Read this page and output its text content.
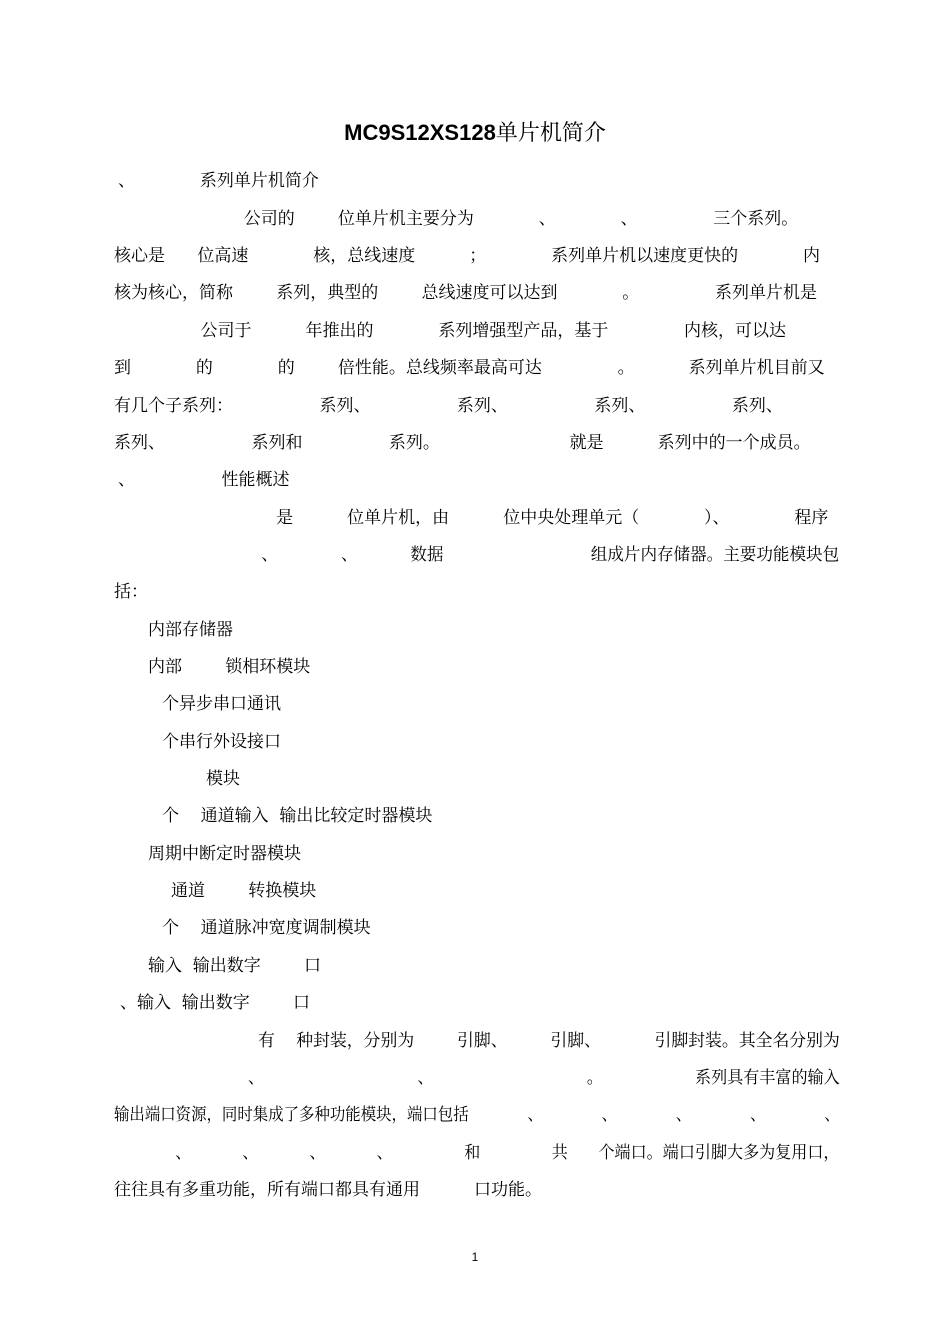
MC9S12XS128单片机简介
、            系列单片机简介
公司的        位单片机主要分为            、            、              三个系列。
核心是      位高速            核，总线速度          ；            系列单片机以速度更快的            内
核为核心，简称        系列，典型的        总线速度可以达到            。              系列单片机是
公司于          年推出的            系列增强型产品，基于              内核，可以达
到            的            的        倍性能。总线频率最高可达              。          系列单片机目前又
有几个子系列：                系列、                系列、                系列、                系列、
系列、                系列和                系列。                        就是          系列中的一个成员。
、                性能概述
是          位单片机，由          位中央处理单元（            ）、            程序
、            、          数据                            组成片内存储器。主要功能模块包
括：
内部存储器
内部        锁相环模块
个异步串口通讯
个串行外设接口
模块
个    通道输入  输出比较定时器模块
周期中断定时器模块
通道        转换模块
个    通道脉冲宽度调制模块
输入  输出数字        口
、输入  输出数字        口
有    种封装，分别为        引脚、        引脚、          引脚封装。其全名分别为
、                              、                              。                  系列具有丰富的输入
输出端口资源，同时集成了多种功能模块，端口包括            、            、            、            、            、
、          、          、          、              和              共      个端口。端口引脚大多为复用口，
往往具有多重功能，所有端口都具有通用          口功能。
1
